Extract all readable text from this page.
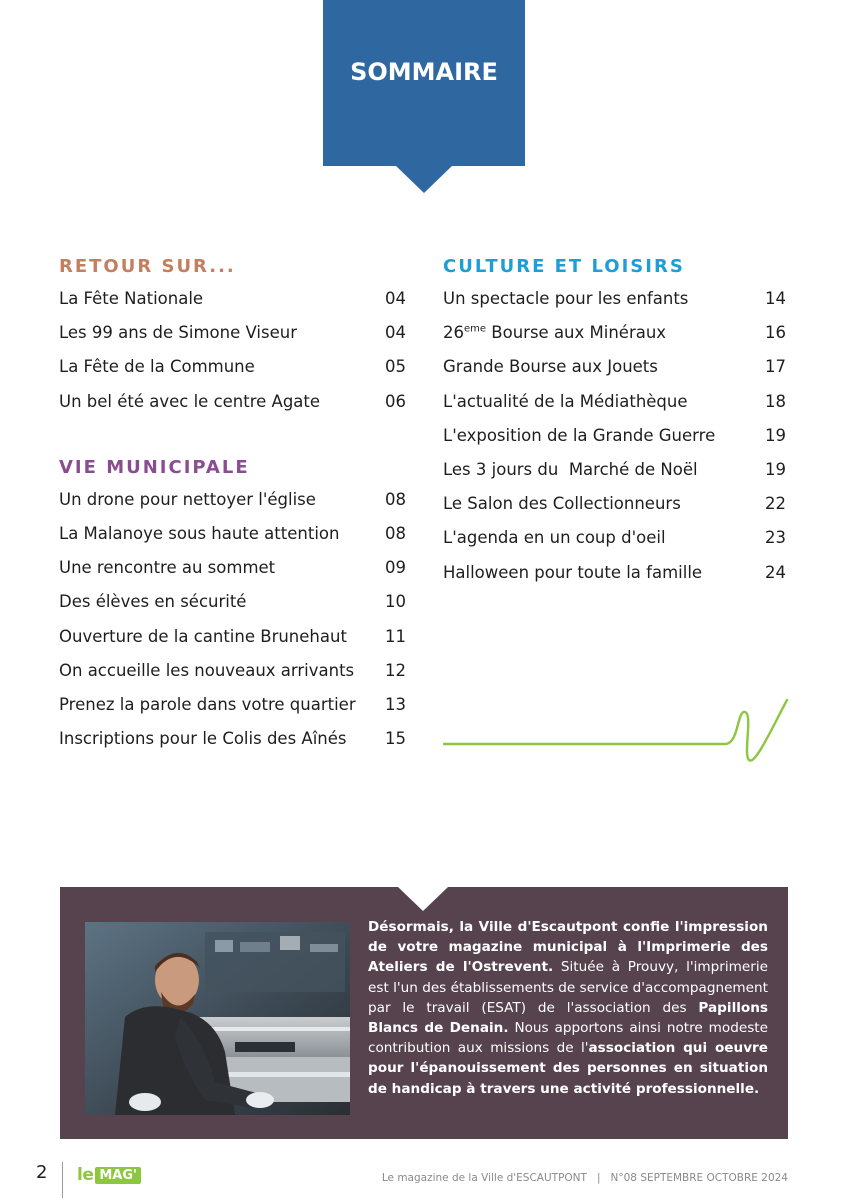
SOMMAIRE
RETOUR SUR...
La Fête Nationale	04
Les 99 ans de Simone Viseur	04
La Fête de la Commune	05
Un bel été avec le centre Agate	06
VIE MUNICIPALE
Un drone pour nettoyer l'église	08
La Malanoye sous haute attention	08
Une rencontre au sommet	09
Des élèves en sécurité	10
Ouverture de la cantine Brunehaut 11
On accueille les nouveaux arrivants 12
Prenez la parole dans votre quartier 13
Inscriptions pour le Colis des Aînés 15
CULTURE ET LOISIRS
Un spectacle pour les enfants	14
26eme Bourse aux Minéraux	16
Grande Bourse aux Jouets	17
L'actualité de la Médiathèque	18
L'exposition de la Grande Guerre	19
Les 3 jours du  Marché de Noël	19
Le Salon des Collectionneurs	22
L'agenda en un coup d'oeil	23
Halloween pour toute la famille	24
Désormais, la Ville d'Escautpont confie l'impression de votre magazine municipal à l'Imprimerie des Ateliers de l'Ostrevent. Située à Prouvy, l'imprimerie est l'un des établissements de service d'accompagnement par le travail (ESAT) de l'association des Papillons Blancs de Denain. Nous apportons ainsi notre modeste contribution aux missions de l'association qui oeuvre pour l'épanouissement des personnes en situation de handicap à travers une activité professionnelle.
2 le MAG'	Le magazine de la Ville d'ESCAUTPONT   |   N°08 SEPTEMBRE OCTOBRE 2024
